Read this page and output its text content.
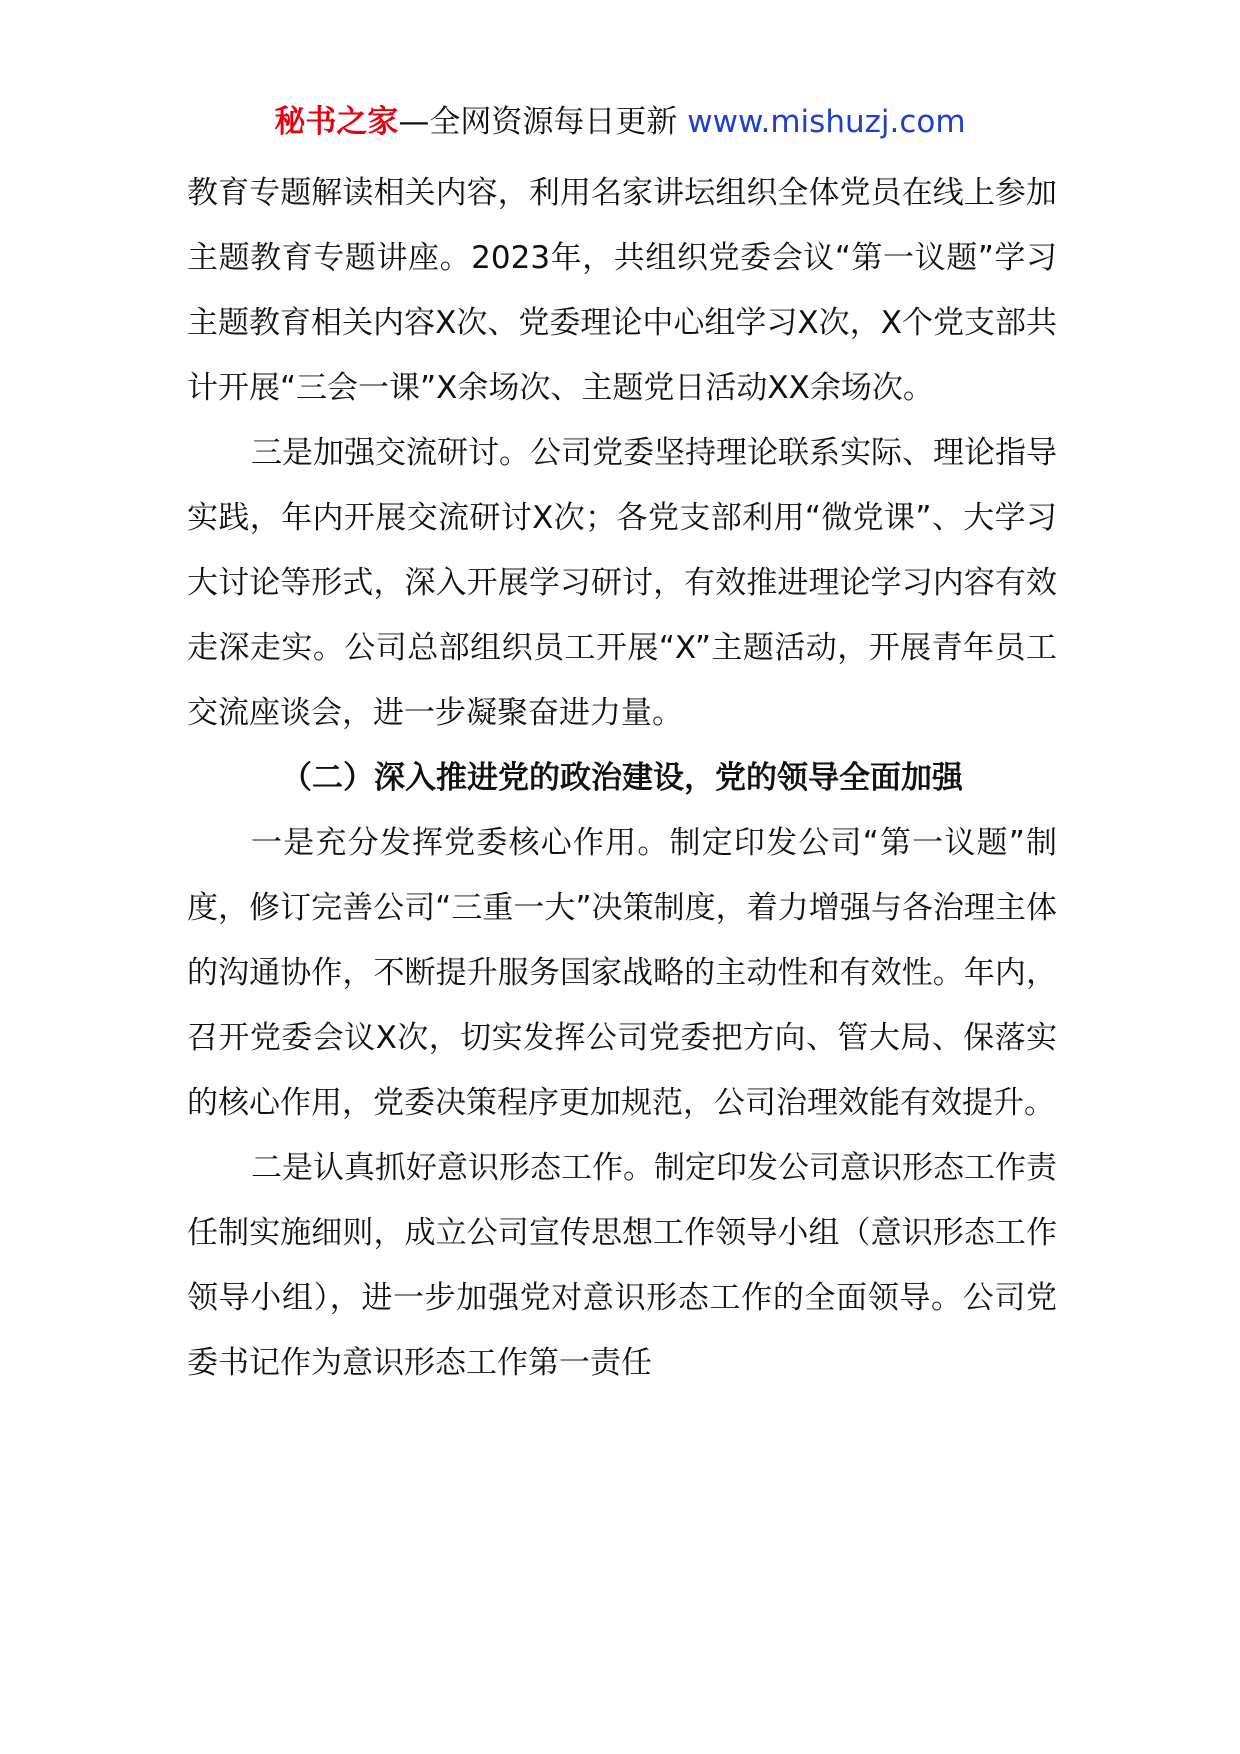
秘书之家—全网资源每日更新 www.mishuzj.com

教育专题解读相关内容，利用名家讲坛组织全体党员在线上参加主题教育专题讲座。2023年，共组织党委会议“第一议题”学习主题教育相关内容X次、党委理论中心组学习X次，X个党支部共计开展“三会一课”X余场次、主题党日活动XX余场次。

三是加强交流研讨。公司党委坚持理论联系实际、理论指导实践，年内开展交流研讨X次；各党支部利用“微党课”、大学习大讨论等形式，深入开展学习研讨，有效推进理论学习内容有效走深走实。公司总部组织员工开展“X”主题活动，开展青年员工交流座谈会，进一步凝聚奋进力量。

（二）深入推进党的政治建设，党的领导全面加强

一是充分发挥党委核心作用。制定印发公司“第一议题”制度，修订完善公司“三重一大”决策制度，着力增强与各治理主体的沟通协作，不断提升服务国家战略的主动性和有效性。年内，召开党委会议X次，切实发挥公司党委把方向、管大局、保落实的核心作用，党委决策程序更加规范，公司治理效能有效提升。

二是认真抓好意识形态工作。制定印发公司意识形态工作责任制实施细则，成立公司宣传思想工作领导小组（意识形态工作领导小组），进一步加强党对意识形态工作的全面领导。公司党委书记作为意识形态工作第一责任
